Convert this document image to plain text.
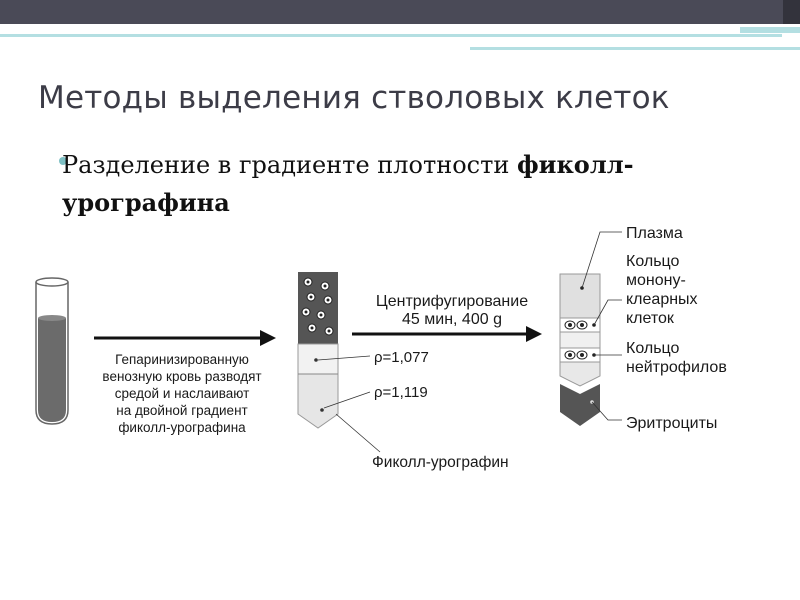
Методы выделения стволовых клеток
Разделение в градиенте плотности фиколл-урографина
Гепаринизированную
венозную кровь разводят
средой и наслаивают
на двойной градиент
фиколл-урографина
ρ=1,077
ρ=1,119
Фиколл-урографин
Центрифугирование
45 мин, 400 g
Плазма
Кольцо
монону-
клеарных
клеток
Кольцо
нейтрофилов
Эритроциты
